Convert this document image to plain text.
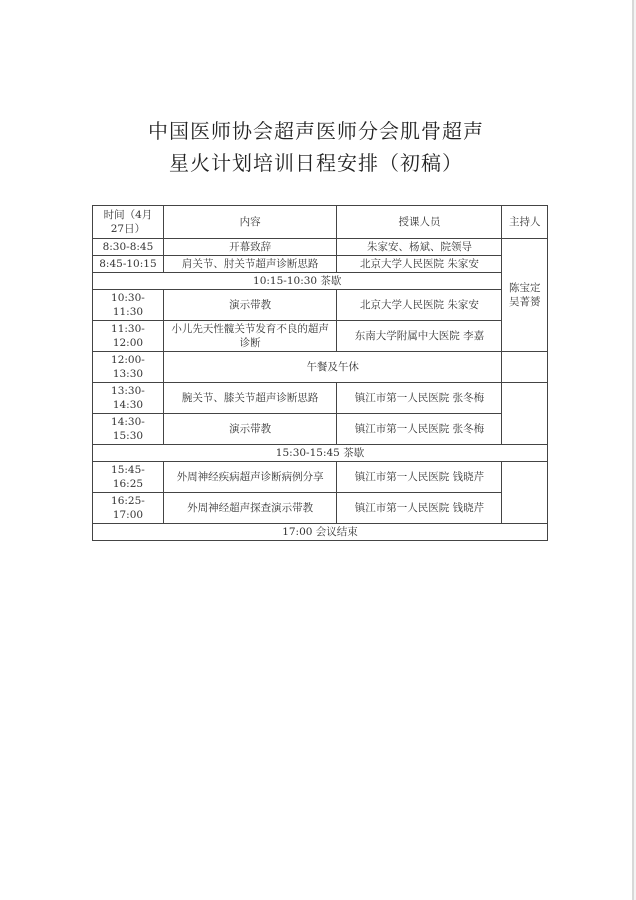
中国医师协会超声医师分会肌骨超声
星火计划培训日程安排（初稿）
时间（4月27日）	内容	授课人员	主持人
8:30-8:45	开幕致辞	朱家安、杨斌、院领导	陈宝定 吴菁赟
8:45-10:15	肩关节、肘关节超声诊断思路	北京大学人民医院 朱家安	
10:15-10:30 茶歇			
10:30-11:30	演示带教	北京大学人民医院 朱家安	
11:30-12:00	小儿先天性髋关节发育不良的超声诊断	东南大学附属中大医院 李嘉	
12:00-13:30	午餐及午休		
13:30-14:30	腕关节、膝关节超声诊断思路	镇江市第一人民医院 张冬梅	
14:30-15:30	演示带教	镇江市第一人民医院 张冬梅	
15:30-15:45 茶歇			
15:45-16:25	外周神经疾病超声诊断病例分享	镇江市第一人民医院 钱晓芹	
16:25-17:00	外周神经超声探查演示带教	镇江市第一人民医院 钱晓芹	
17:00 会议结束			
